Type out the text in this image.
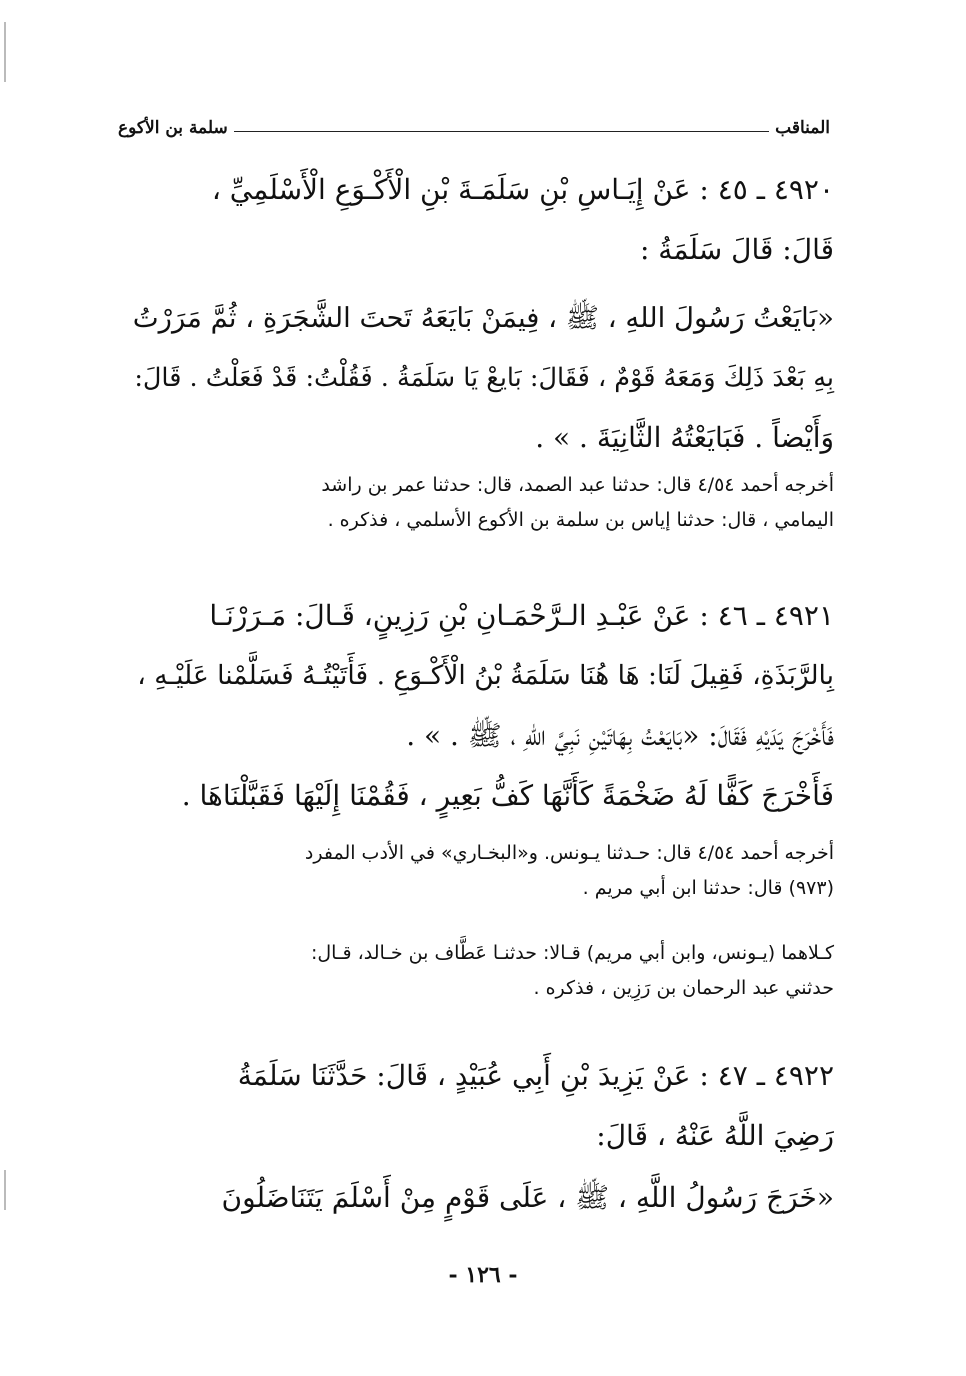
المناقب
سلمة بن الأكوع
٤٩٢٠ ـ ٤٥ : عَنْ إِيَـاسِ بْنِ سَلَمَـةَ بْنِ الْأَكْـوَعِ الْأَسْلَمِيِّ ،
قَالَ: قَالَ سَلَمَةُ :
«بَايَعْتُ رَسُولَ اللهِ ، ﷺ ، فِيمَنْ بَايَعَهُ تَحتَ الشَّجَرَةِ ، ثُمَّ مَرَرْتُ
بِهِ بَعْدَ ذَلِكَ وَمَعَهُ قَوْمٌ ، فَقَالَ: بَايعْ يَا سَلَمَةُ . فَقُلْتُ: قَدْ فَعَلْتُ . قَالَ:
وَأَيْضاً . فَبَايَعْتُهُ الثَّانِيَةَ . » .
أخرجه أحمد ٤/٥٤ قال: حدثنا عبد الصمد، قال: حدثنا عمر بن راشد
اليمامي ، قال: حدثنا إياس بن سلمة بن الأكوع الأسلمي ، فذكره .
٤٩٢١ ـ ٤٦ : عَنْ عَبْـدِ الـرَّحْمَـانِ بْنِ رَزِينٍ، قَـالَ: مَـرَرْنَـا
بِالرَّبَذَةِ، فَقِيلَ لَنَا: هَا هُنَا سَلَمَةُ بْنُ الْأَكْـوَعِ . فَأَتَيْتُـهُ فَسَلَّمْنا عَلَيْـهِ ،
فَأَخْرَجَ يَدَيْهِ فَقَالَ: «بَايَعْتُ بِهَاتَيْنِ نَبِيَّ اللهِ ، ﷺ . » .
فَأَخْرَجَ كَفًّا لَهُ ضَخْمَةً كَأَنَّهَا كَفُّ بَعِيرٍ ، فَقُمْنَا إِلَيْهَا فَقَبَّلْنَاهَا .
أخرجه أحمد ٤/٥٤ قال: حـدثنا يـونس. و«البخـاري» في الأدب المفرد
(٩٧٣) قال: حدثنا ابن أبي مريم .
كـلاهما (يـونس، وابن أبي مريم) قـالا: حدثنـا عَطَّاف بن خـالد، قـال:
حدثني عبد الرحمان بن رَزِين ، فذكره .
٤٩٢٢ ـ ٤٧ : عَنْ يَزِيدَ بْنِ أَبِي عُبَيْدٍ ، قَالَ: حَدَّثَنَا سَلَمَةُ
رَضِيَ اللَّهُ عَنْهُ ، قَالَ:
«خَرَجَ رَسُولُ اللَّهِ ، ﷺ ، عَلَى قَوْمٍ مِنْ أَسْلَمَ يَتَنَاضَلُونَ
- ١٢٦ -
